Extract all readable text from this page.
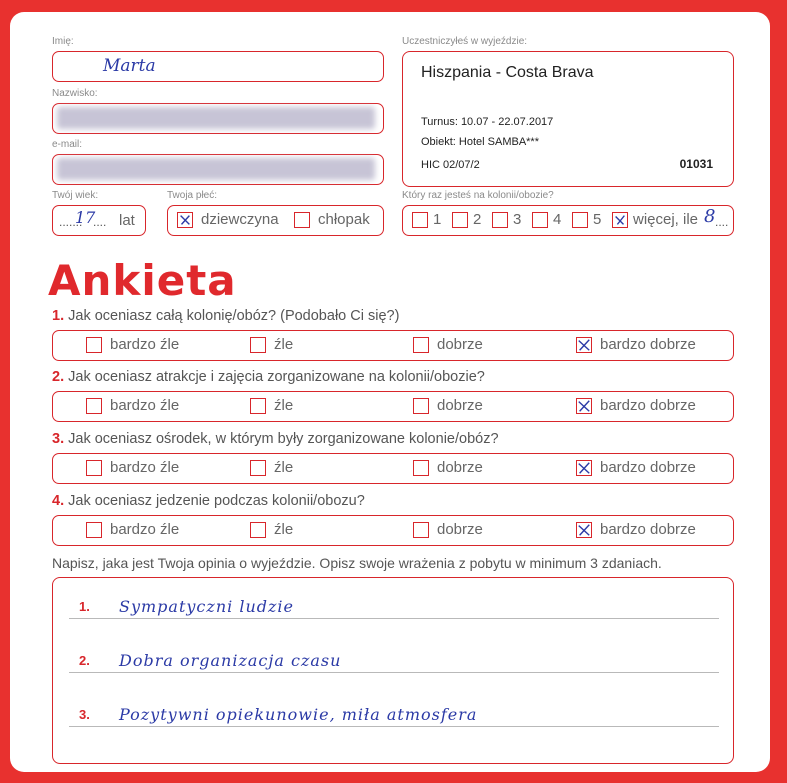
Imię:
Marta
Nazwisko:
e-mail:
Twój wiek:
.......
17
.... lat
Twoja płeć:
dziewczyna	chłopak
Uczestniczyłeś w wyjeździe:
Hiszpania - Costa Brava
Turnus: 10.07 - 22.07.2017
Obiekt: Hotel SAMBA***
HIC 02/07/2	01031
Który raz jesteś na kolonii/obozie?
1 2 3 4 5 więcej, ile 8 ....
Ankieta
1. Jak oceniasz całą kolonię/obóz? (Podobało Ci się?)
bardzo źle	źle	dobrze	bardzo dobrze
2. Jak oceniasz atrakcje i zajęcia zorganizowane na kolonii/obozie?
bardzo źle	źle	dobrze	bardzo dobrze
3. Jak oceniasz ośrodek, w którym były zorganizowane kolonie/obóz?
bardzo źle	źle	dobrze	bardzo dobrze
4. Jak oceniasz jedzenie podczas kolonii/obozu?
bardzo źle	źle	dobrze	bardzo dobrze
Napisz, jaka jest Twoja opinia o wyjeździe. Opisz swoje wrażenia z pobytu w minimum 3 zdaniach.
1. Sympatyczni ludzie
2. Dobra organizacja czasu
3. Pozytywni opiekunowie, miła atmosfera
